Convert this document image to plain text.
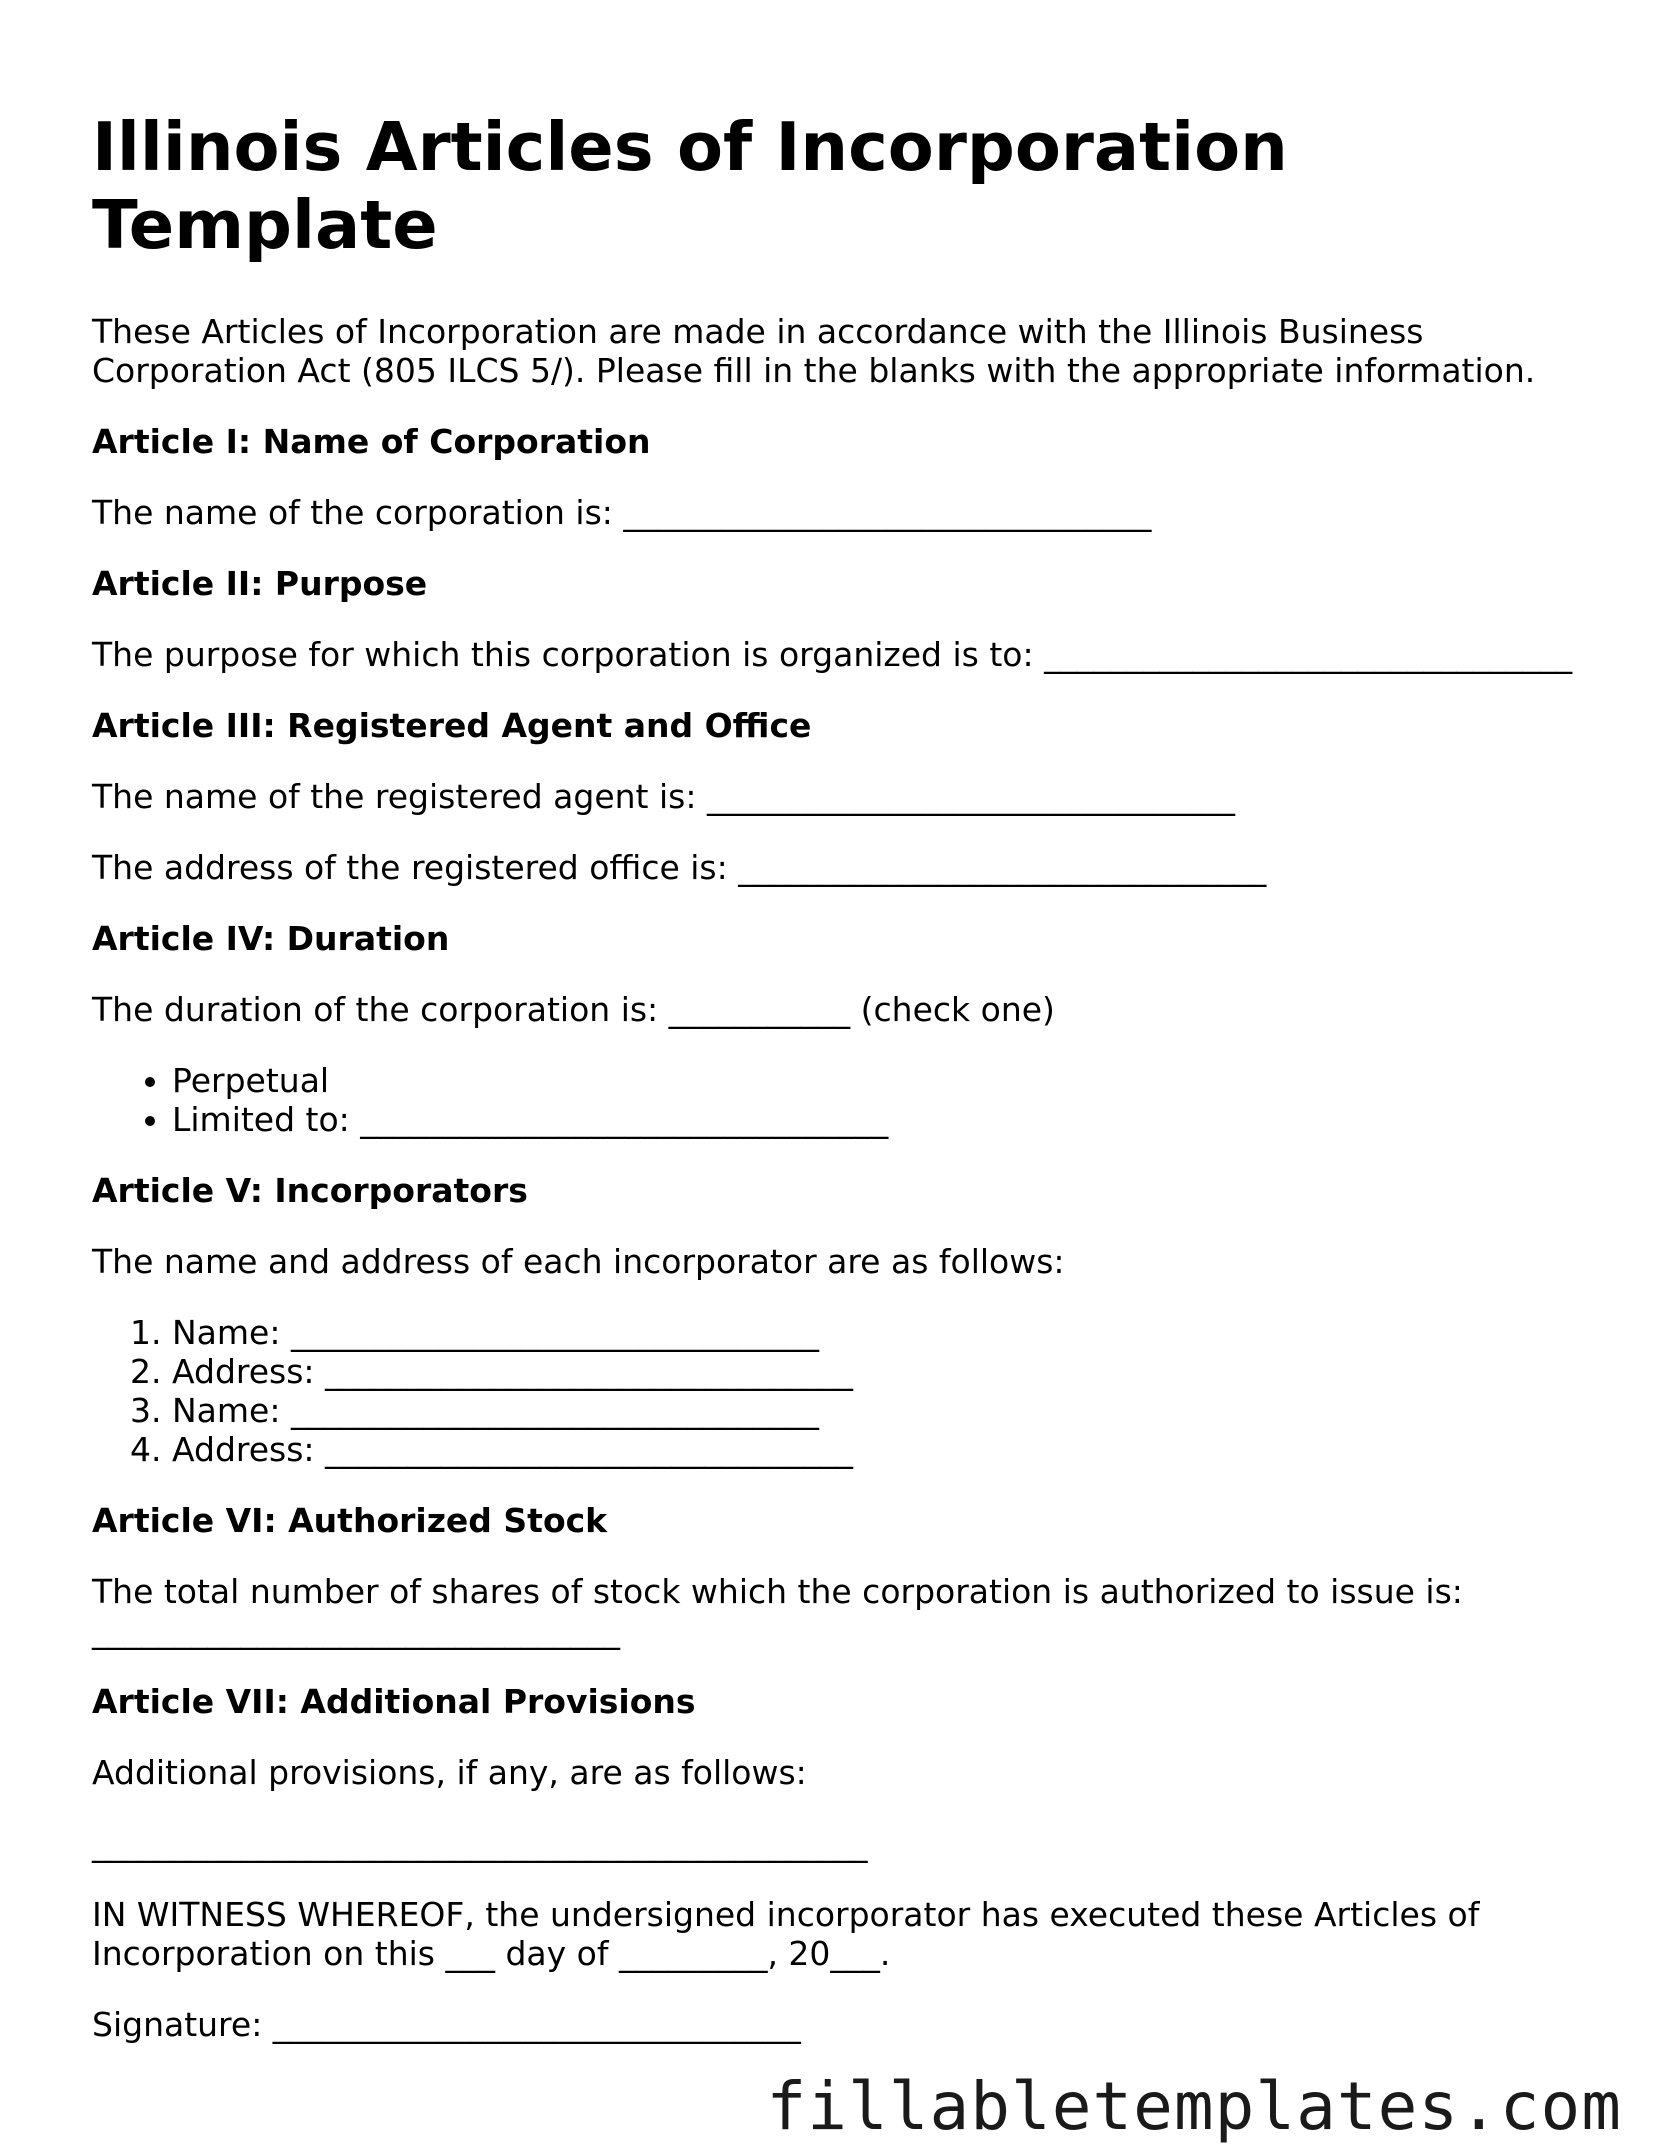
Illinois Articles of Incorporation Template

These Articles of Incorporation are made in accordance with the Illinois Business Corporation Act (805 ILCS 5/). Please fill in the blanks with the appropriate information.

Article I: Name of Corporation

The name of the corporation is: ________________________________

Article II: Purpose

The purpose for which this corporation is organized is to: ________________________________

Article III: Registered Agent and Office

The name of the registered agent is: ________________________________

The address of the registered office is: ________________________________

Article IV: Duration

The duration of the corporation is: ___________ (check one)

• Perpetual
• Limited to: ________________________________
Article V: Incorporators

The name and address of each incorporator are as follows:

1. Name: ________________________________
2. Address: ________________________________
3. Name: ________________________________
4. Address: ________________________________
Article VI: Authorized Stock

The total number of shares of stock which the corporation is authorized to issue is:
________________________________

Article VII: Additional Provisions

Additional provisions, if any, are as follows:

_______________________________________________

IN WITNESS WHEREOF, the undersigned incorporator has executed these Articles of Incorporation on this ___ day of _________, 20___.

Signature: ________________________________

fillabletemplates.com
